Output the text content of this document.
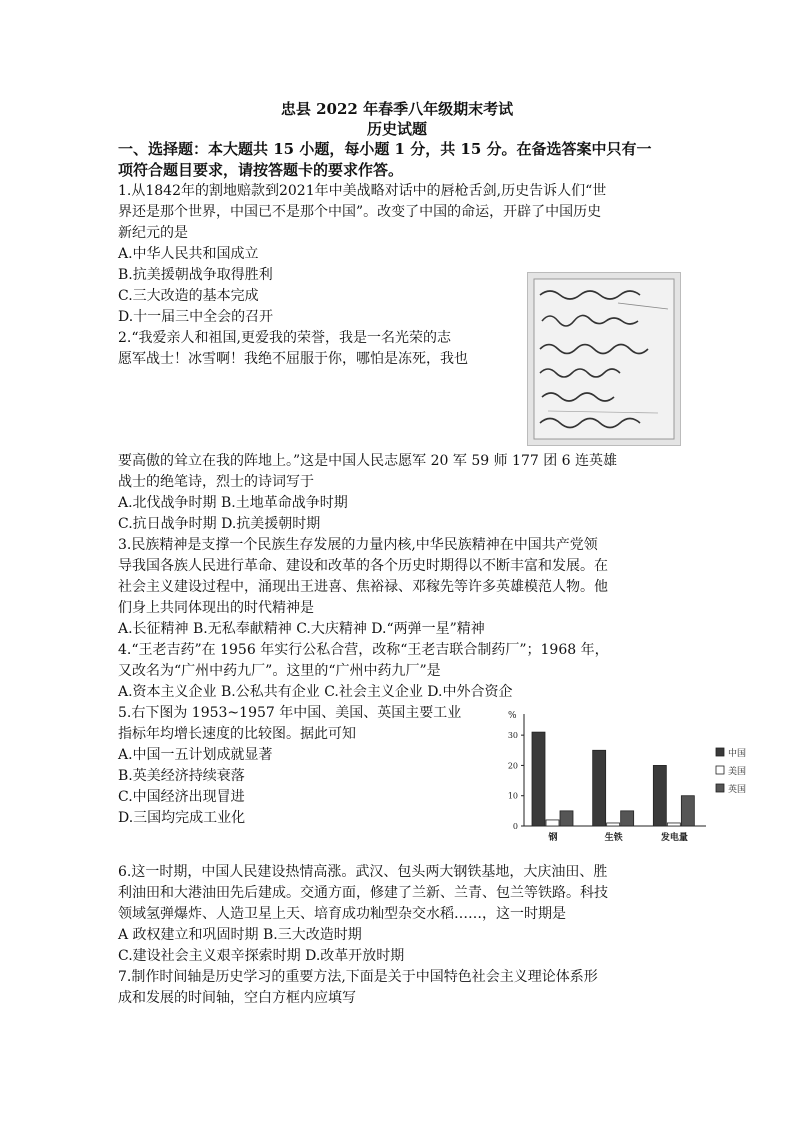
忠县 2022 年春季八年级期末考试
历史试题
一、选择题：本大题共 15 小题，每小题 1 分，共 15 分。在备选答案中只有一
项符合题目要求，请按答题卡的要求作答。
1.从1842年的割地赔款到2021年中美战略对话中的唇枪舌剑,历史告诉人们“世
界还是那个世界，中国已不是那个中国”。改变了中国的命运，开辟了中国历史
新纪元的是
A.中华人民共和国成立
B.抗美援朝战争取得胜利
C.三大改造的基本完成
D.十一届三中全会的召开
2.“我爱亲人和祖国,更爱我的荣誉，我是一名光荣的志
愿军战士！冰雪啊！我绝不屈服于你，哪怕是冻死，我也
要高傲的耸立在我的阵地上。”这是中国人民志愿军 20 军 59 师 177 团 6 连英雄
战士的绝笔诗，烈士的诗词写于
A.北伐战争时期 B.土地革命战争时期
C.抗日战争时期 D.抗美援朝时期
3.民族精神是支撑一个民族生存发展的力量内核,中华民族精神在中国共产党领
导我国各族人民进行革命、建设和改革的各个历史时期得以不断丰富和发展。在
社会主义建设过程中，涌现出王进喜、焦裕禄、邓稼先等许多英雄模范人物。他
们身上共同体现出的时代精神是
A.长征精神 B.无私奉献精神 C.大庆精神 D.“两弹一星”精神
4.“王老吉药”在 1956 年实行公私合营，改称“王老吉联合制药厂”；1968 年，
又改名为“广州中药九厂”。这里的“广州中药九厂”是
A.资本主义企业 B.公私共有企业 C.社会主义企业 D.中外合资企
5.右下图为 1953~1957 年中国、美国、英国主要工业
指标年均增长速度的比较图。据此可知
A.中国一五计划成就显著
B.英美经济持续衰落
C.中国经济出现冒进
D.三国均完成工业化
%
0
10
20
30
钢	生铁	发电量
中国
美国
英国
6.这一时期，中国人民建设热情高涨。武汉、包头两大钢铁基地，大庆油田、胜
利油田和大港油田先后建成。交通方面，修建了兰新、兰青、包兰等铁路。科技
领域氢弹爆炸、人造卫星上天、培育成功籼型杂交水稻……，这一时期是
A 政权建立和巩固时期 B.三大改造时期
C.建设社会主义艰辛探索时期 D.改革开放时期
7.制作时间轴是历史学习的重要方法,下面是关于中国特色社会主义理论体系形
成和发展的时间轴，空白方框内应填写
